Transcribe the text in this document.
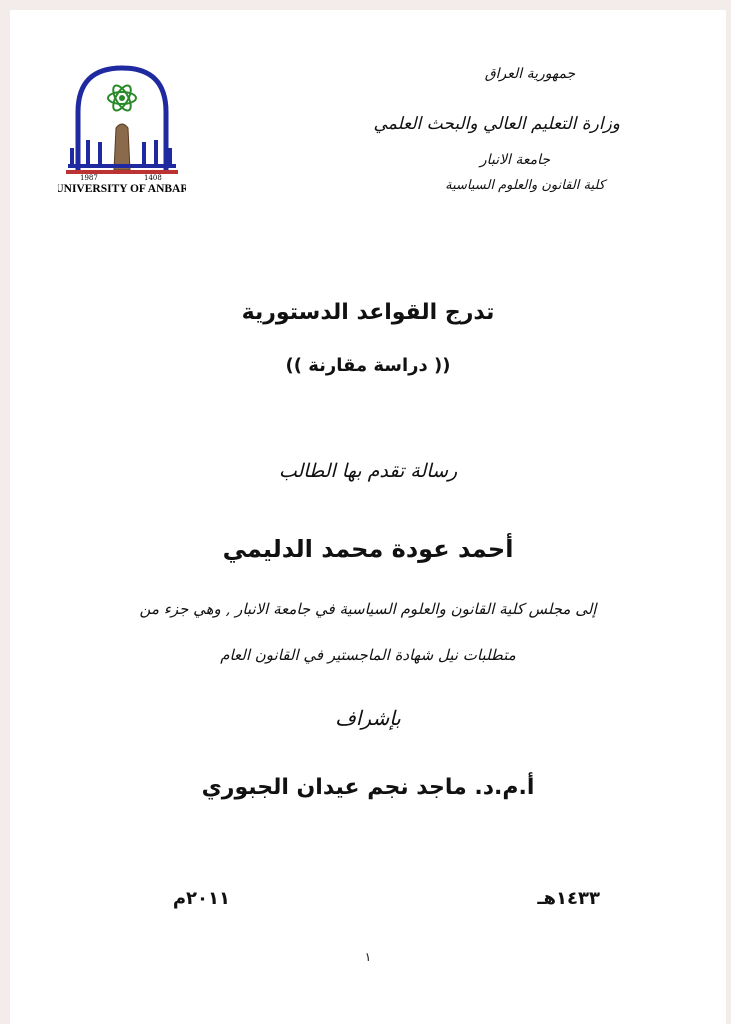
1987	1408
UNIVERSITY OF ANBAR
جمهورية العراق
وزارة التعليم العالي والبحث العلمي
جامعة الانبار
كلية القانون والعلوم السياسية
تدرج القواعد الدستورية
(( دراسة مقارنة ))
رسالة تقدم بها الطالب
أحمد عودة محمد الدليمي
إلى مجلس كلية القانون والعلوم السياسية في جامعة الانبار , وهي جزء من
متطلبات نيل شهادة الماجستير في القانون العام
بإشراف
أ.م.د. ماجد نجم عيدان الجبوري
١٤٣٣هـ
٢٠١١م
١
